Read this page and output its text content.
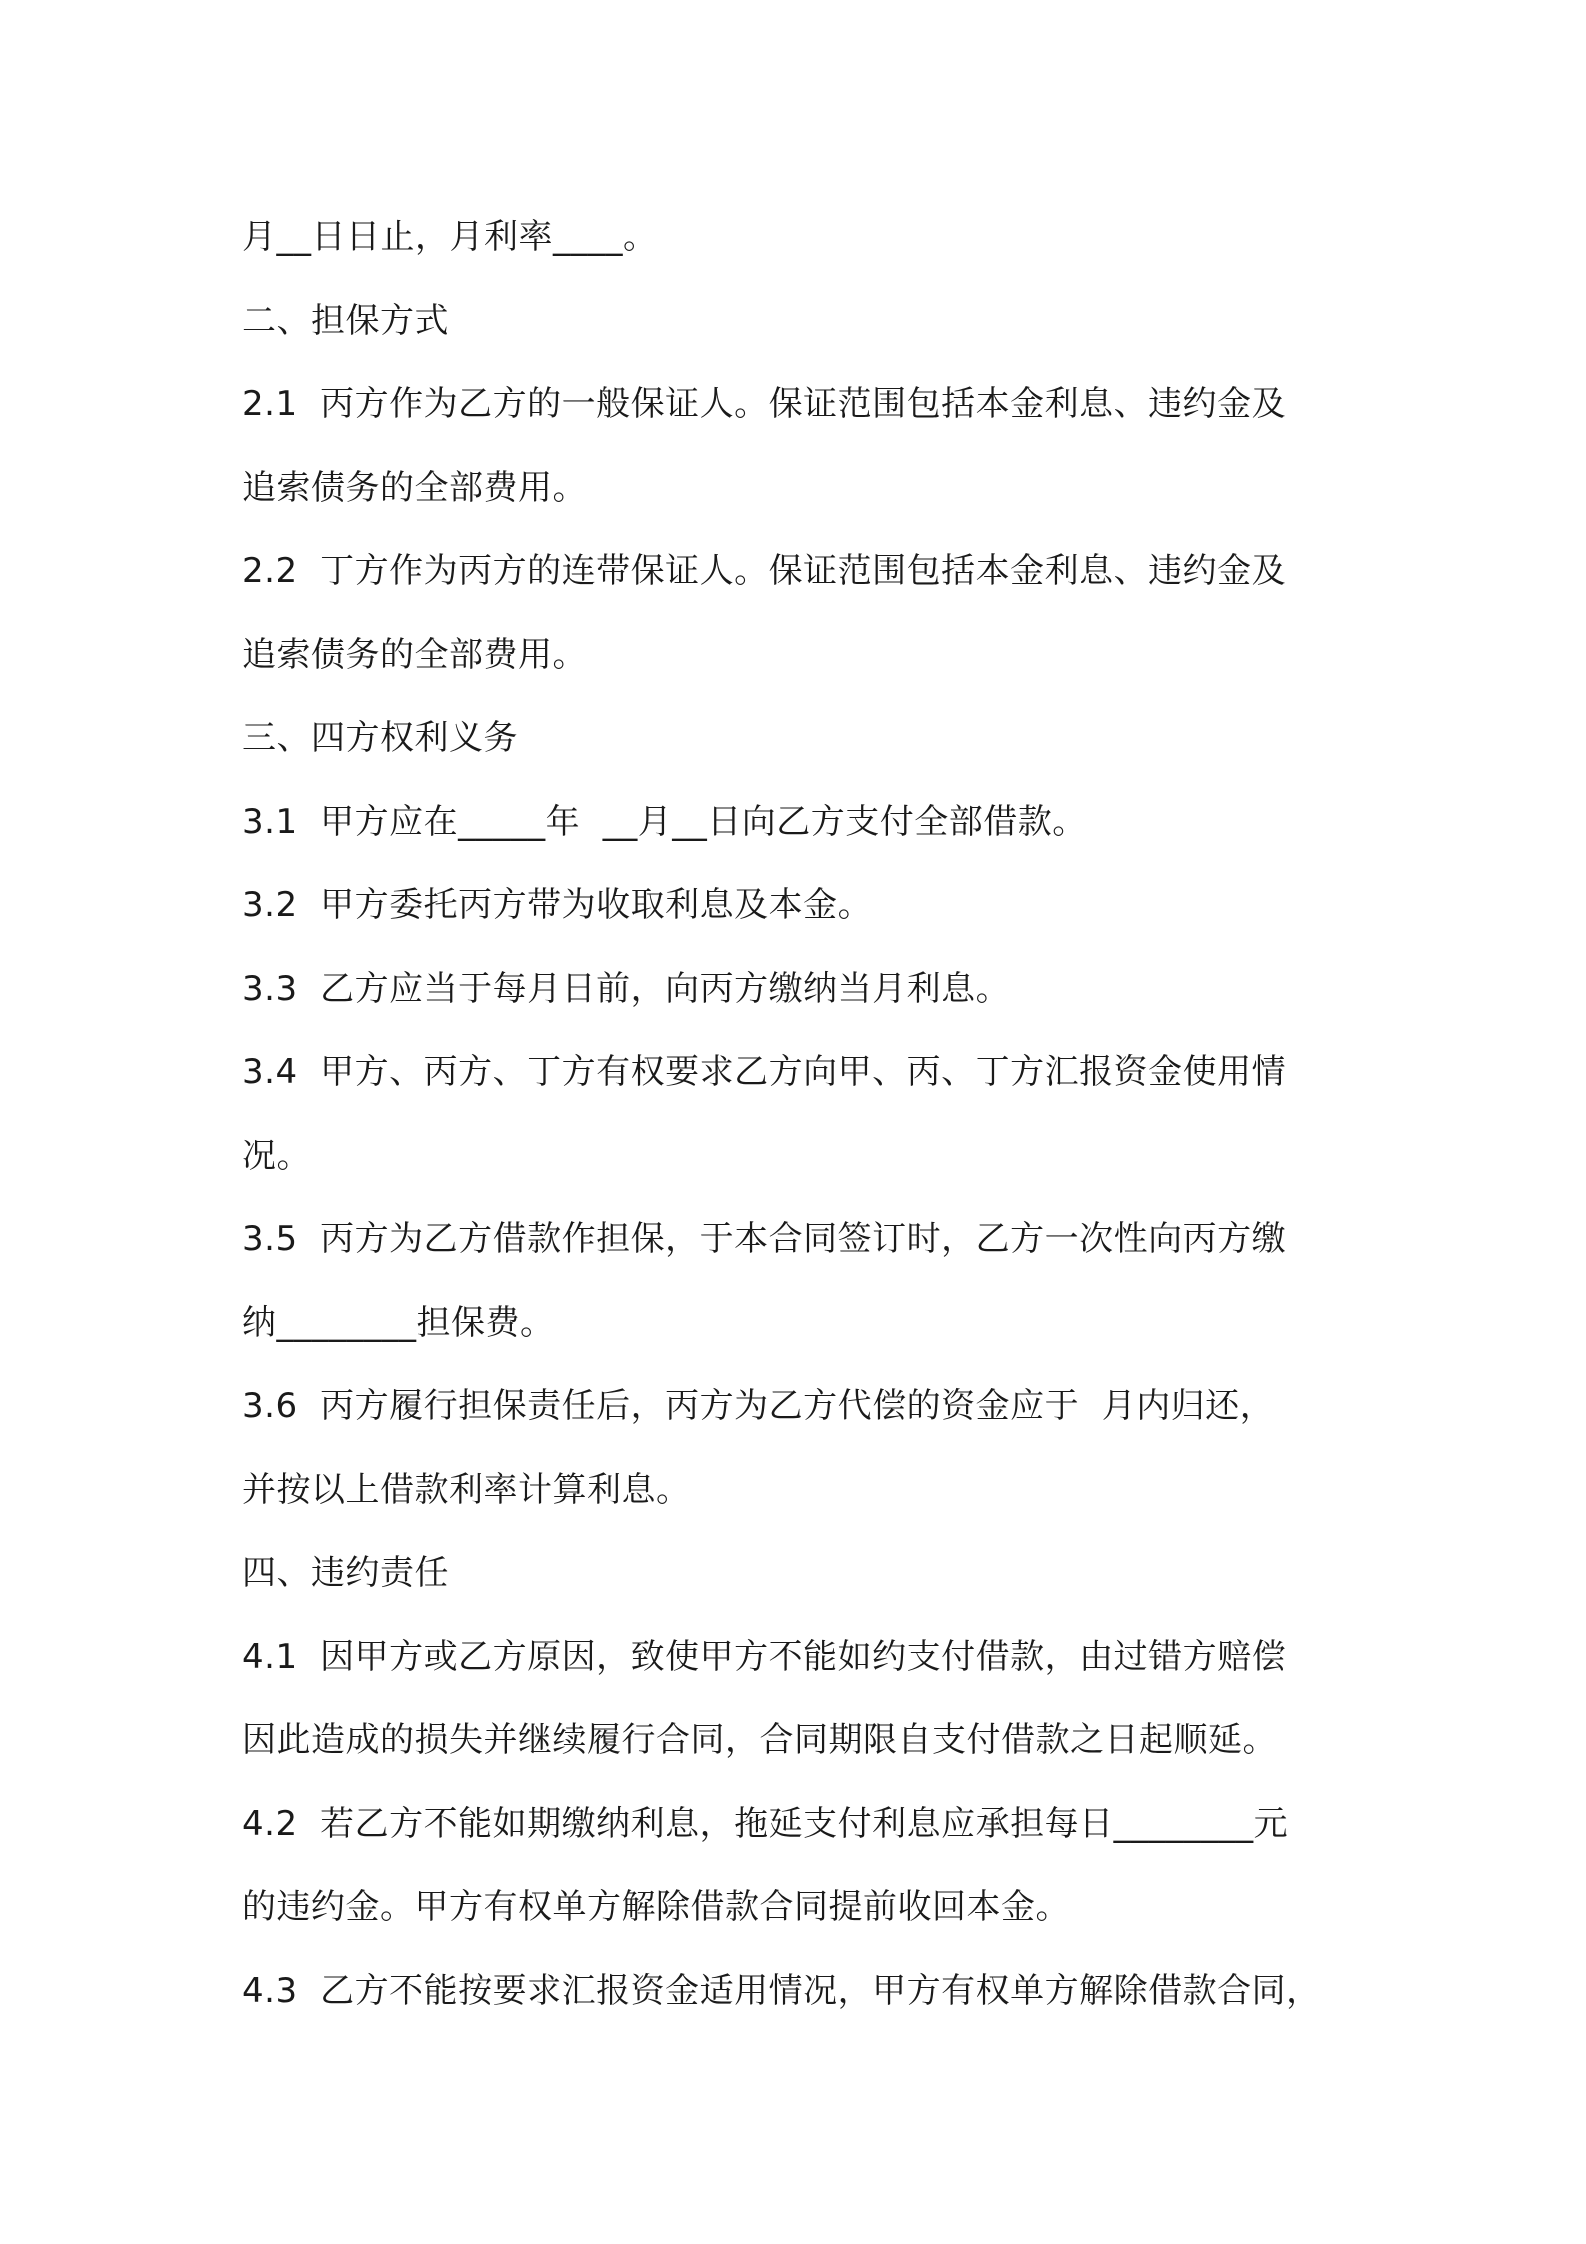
月__日日止，月利率____。
二、担保方式
2.1  丙方作为乙方的一般保证人。保证范围包括本金利息、违约金及
追索债务的全部费用。
2.2  丁方作为丙方的连带保证人。保证范围包括本金利息、违约金及
追索债务的全部费用。
三、四方权利义务
3.1  甲方应在_____年  __月__日向乙方支付全部借款。
3.2  甲方委托丙方带为收取利息及本金。
3.3  乙方应当于每月日前，向丙方缴纳当月利息。
3.4  甲方、丙方、丁方有权要求乙方向甲、丙、丁方汇报资金使用情
况。
3.5  丙方为乙方借款作担保，于本合同签订时，乙方一次性向丙方缴
纳________担保费。
3.6  丙方履行担保责任后，丙方为乙方代偿的资金应于  月内归还，
并按以上借款利率计算利息。
四、违约责任
4.1  因甲方或乙方原因，致使甲方不能如约支付借款，由过错方赔偿
因此造成的损失并继续履行合同，合同期限自支付借款之日起顺延。
4.2  若乙方不能如期缴纳利息，拖延支付利息应承担每日________元
的违约金。甲方有权单方解除借款合同提前收回本金。
4.3  乙方不能按要求汇报资金适用情况，甲方有权单方解除借款合同，
